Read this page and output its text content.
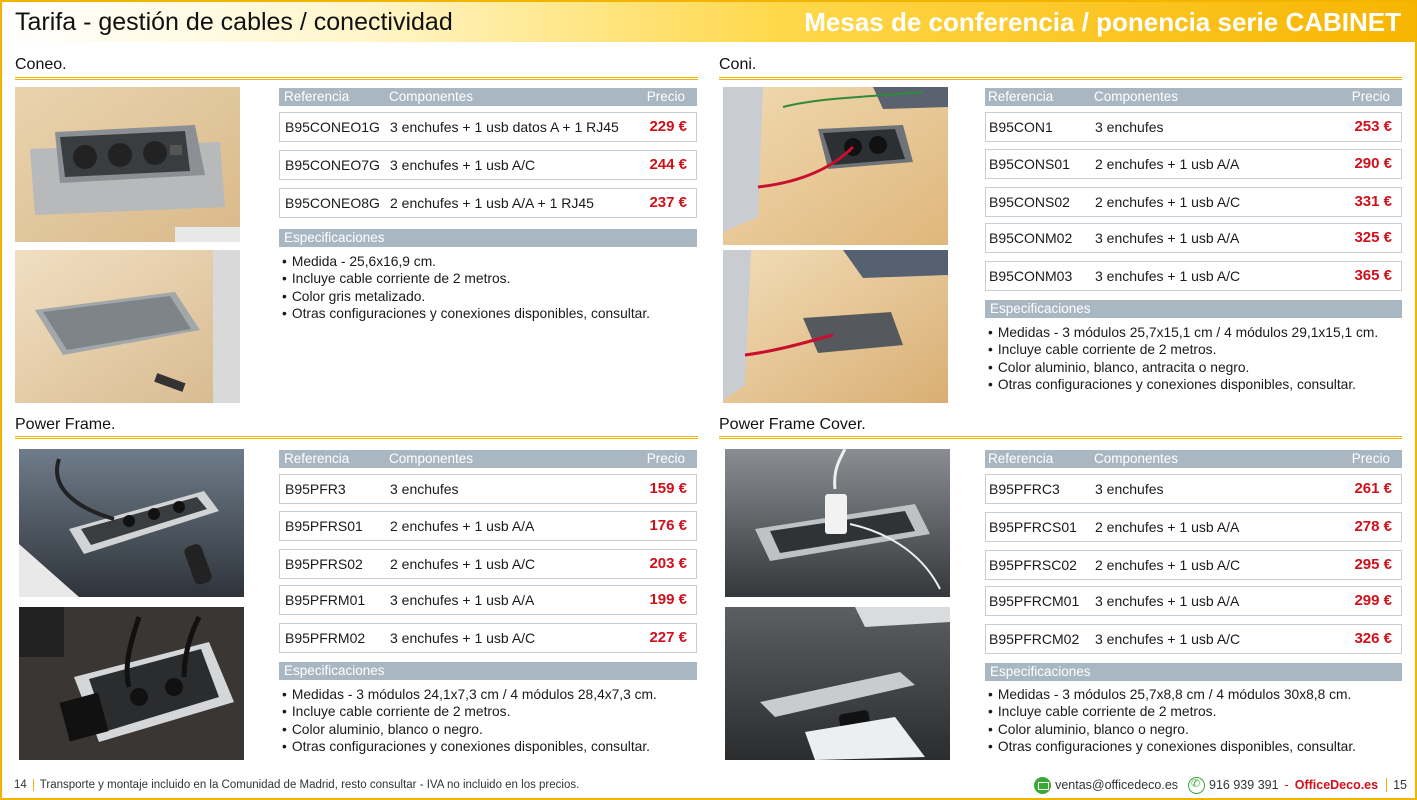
Tarifa - gestión de cables / conectividad	Mesas de conferencia / ponencia serie CABINET
Coneo.
Referencia	Componentes	Precio
B95CONEO1G 3 enchufes + 1 usb datos A + 1 RJ45 229 €
B95CONEO7G 3 enchufes + 1 usb A/C	244 €
B95CONEO8G 2 enchufes + 1 usb A/A + 1 RJ45	237 €
Especificaciones
• Medida - 25,6x16,9 cm.
• Incluye cable corriente de 2 metros.
• Color gris metalizado.
• Otras configuraciones y conexiones disponibles, consultar.
Coni.
Referencia	Componentes	Precio
B95CON1	3 enchufes	253 €
B95CONS01 2 enchufes + 1 usb A/A	290 €
B95CONS02 2 enchufes + 1 usb A/C	331 €
B95CONM02 3 enchufes + 1 usb A/A	325 €
B95CONM03 3 enchufes + 1 usb A/C	365 €
Especificaciones
• Medidas - 3 módulos 25,7x15,1 cm / 4 módulos 29,1x15,1 cm.
• Incluye cable corriente de 2 metros.
• Color aluminio, blanco, antracita o negro.
• Otras configuraciones y conexiones disponibles, consultar.
Power Frame.
Referencia	Componentes	Precio
B95PFR3	3 enchufes	159 €
B95PFRS01 2 enchufes + 1 usb A/A	176 €
B95PFRS02 2 enchufes + 1 usb A/C	203 €
B95PFRM01 3 enchufes + 1 usb A/A	199 €
B95PFRM02 3 enchufes + 1 usb A/C	227 €
Especificaciones
• Medidas - 3 módulos 24,1x7,3 cm / 4 módulos 28,4x7,3 cm.
• Incluye cable corriente de 2 metros.
• Color aluminio, blanco o negro.
• Otras configuraciones y conexiones disponibles, consultar.
Power Frame Cover.
Referencia	Componentes	Precio
B95PFRC3	3 enchufes	261 €
B95PFRCS01 2 enchufes + 1 usb A/A	278 €
B95PFRSC02 2 enchufes + 1 usb A/C	295 €
B95PFRCM01 3 enchufes + 1 usb A/A	299 €
B95PFRCM02 3 enchufes + 1 usb A/C	326 €
Especificaciones
• Medidas - 3 módulos 25,7x8,8 cm / 4 módulos 30x8,8 cm.
• Incluye cable corriente de 2 metros.
• Color aluminio, blanco o negro.
• Otras configuraciones y conexiones disponibles, consultar.
14 Transporte y montaje incluido en la Comunidad de Madrid, resto consultar - IVA no incluido en los precios.	ventas@officedeco.es
✆ 916 939 391 - OfficeDeco.es 15
